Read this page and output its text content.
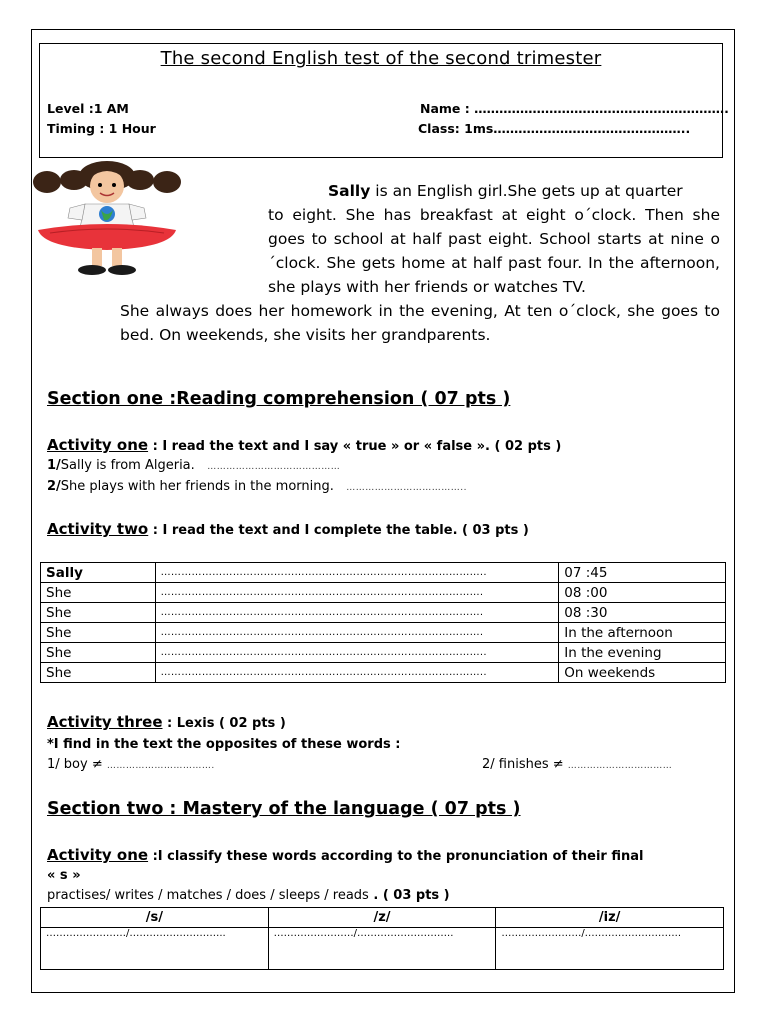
The second English test of the second trimester
Level :1 AM
Timing : 1 Hour
Name : …………………………………………………….
Class: 1ms………………………………………..

Sally is an English girl.She gets up at quarter

to eight. She has breakfast at eight o´clock. Then she goes to school at half past eight. School starts at nine o´clock. She gets home at half past four. In the afternoon, she plays with her friends or watches TV.

She always does her homework in the evening, At ten o´clock, she goes to bed. On weekends, she visits her grandparents.

Section one :Reading comprehension ( 07 pts )
Activity one : I read the text and I say « true » or « false ». ( 02 pts )
1/Sally is from Algeria. ……………………………………
2/She plays with her friends in the morning. ………………………………..
Activity two : I read the text and I complete the table. ( 03 pts )
Sally	…………………………………………………………………………………..	07 :45
She	………………………………………………………………………………….	08 :00
She	………………………………………………………………………………….	08 :30
She	………………………………………………………………………………….	In the afternoon
She	…………………………………………………………………………………..	In the evening
She	…………………………………………………………………………………..	On weekends
Activity three : Lexis ( 02 pts )
*I find in the text the opposites of these words :
1/ boy ≠ …………………………….	2/ finishes ≠ ……………………………
Section two : Mastery of the language ( 07 pts )
Activity one :I classify these words according to the pronunciation of their final
« s »
practises/ writes / matches / does / sleeps / reads . ( 03 pts )
/s/	/z/	/iz/
……………………/………………………..	……………………/………………………..	……………………/………………………..
